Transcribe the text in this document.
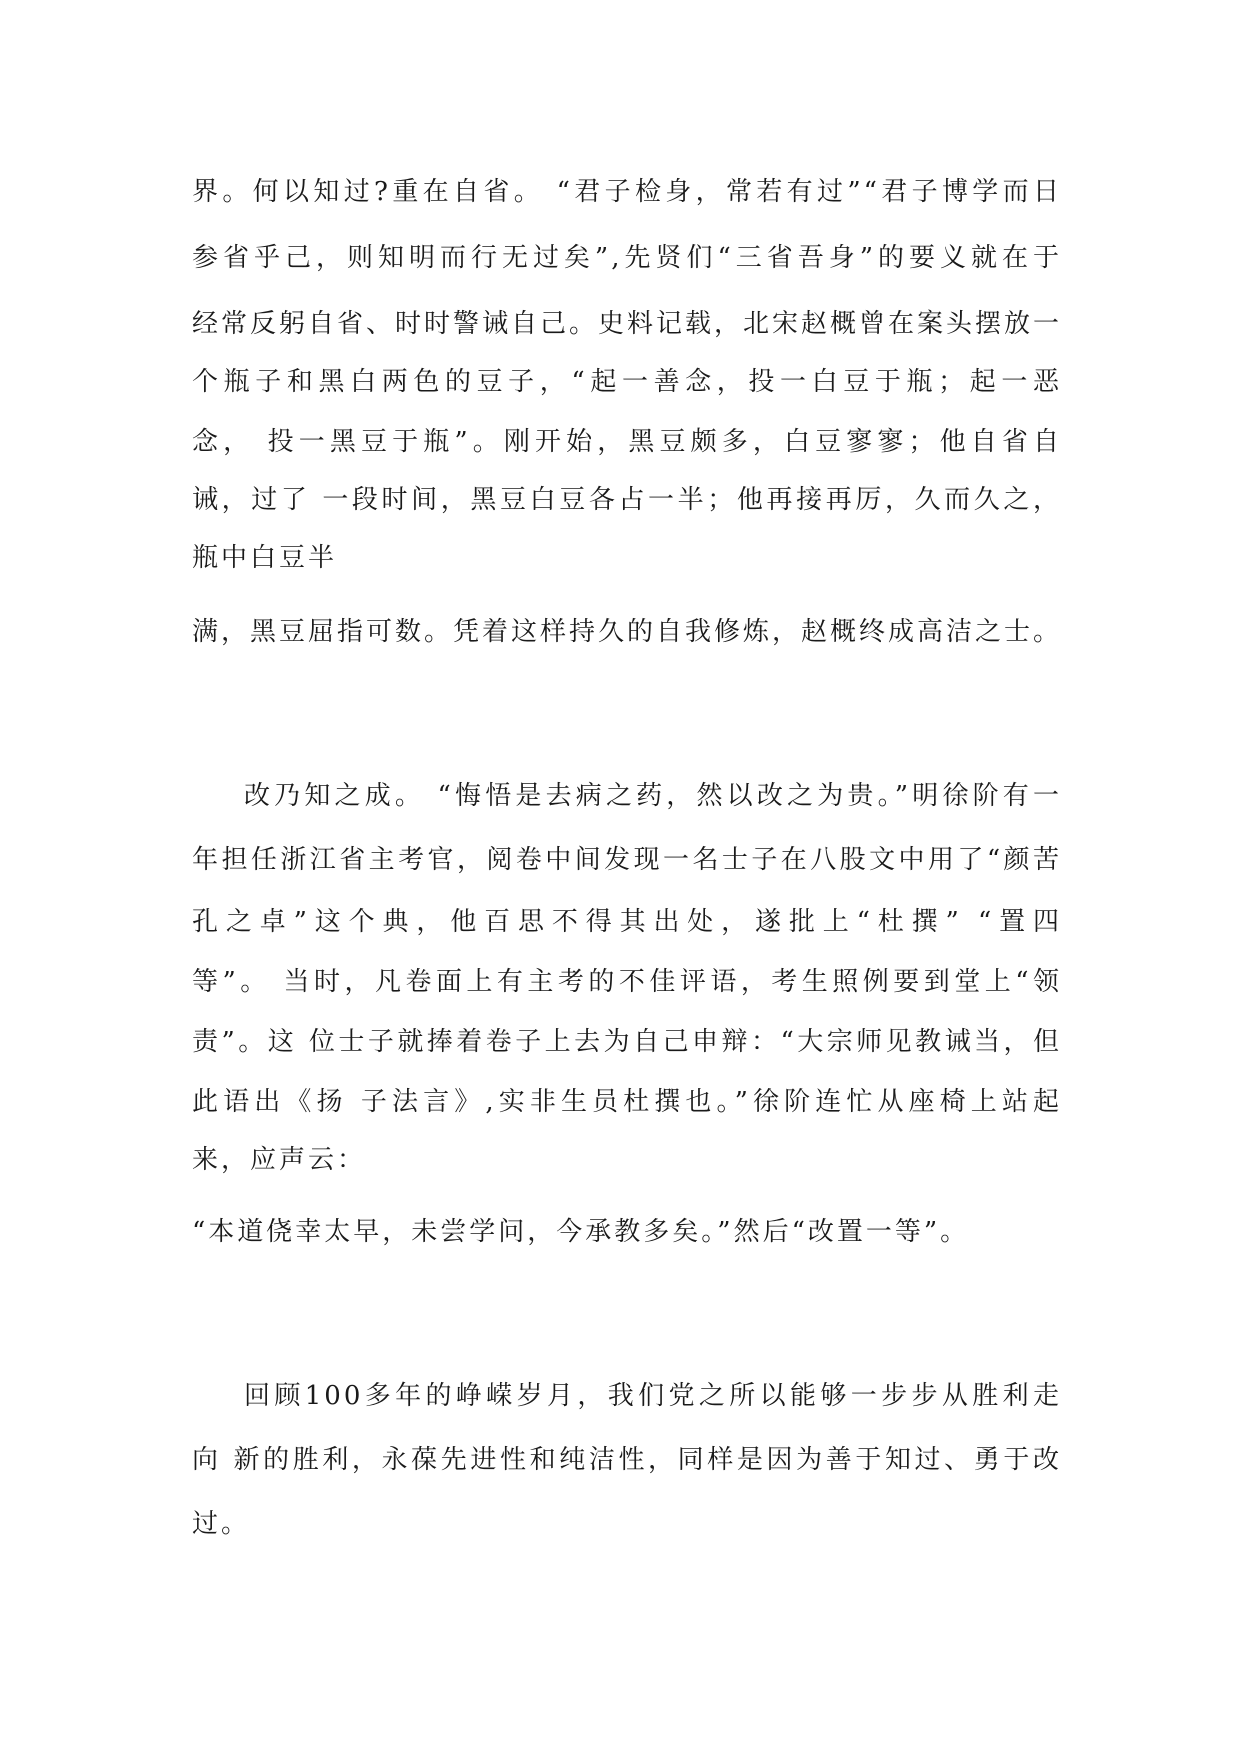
界。何以知过?重在自省。 “君子检身，常若有过”“君子博学而日
参省乎己，则知明而行无过矣”,先贤们“三省吾身”的要义就在于
经常反躬自省、时时警诫自己。史料记载，北宋赵概曾在案头摆放一
个瓶子和黑白两色的豆子，“起一善念，投一白豆于瓶；起一恶
念， 投一黑豆于瓶”。刚开始，黑豆颇多，白豆寥寥；他自省自
诫，过了 一段时间，黑豆白豆各占一半；他再接再厉，久而久之，
瓶中白豆半
满，黑豆屈指可数。凭着这样持久的自我修炼，赵概终成高洁之士。
改乃知之成。 “悔悟是去病之药，然以改之为贵。”明徐阶有一
年担任浙江省主考官，阅卷中间发现一名士子在八股文中用了“颜苦
孔之卓”这个典，他百思不得其出处，遂批上“杜撰” “置四
等”。 当时，凡卷面上有主考的不佳评语，考生照例要到堂上“领
责”。这 位士子就捧着卷子上去为自己申辩：“大宗师见教诫当，但
此语出《扬 子法言》,实非生员杜撰也。”徐阶连忙从座椅上站起
来，应声云：
“本道侥幸太早，未尝学问，今承教多矣。”然后“改置一等”。
回顾100多年的峥嵘岁月，我们党之所以能够一步步从胜利走
向 新的胜利，永葆先进性和纯洁性，同样是因为善于知过、勇于改
过。
